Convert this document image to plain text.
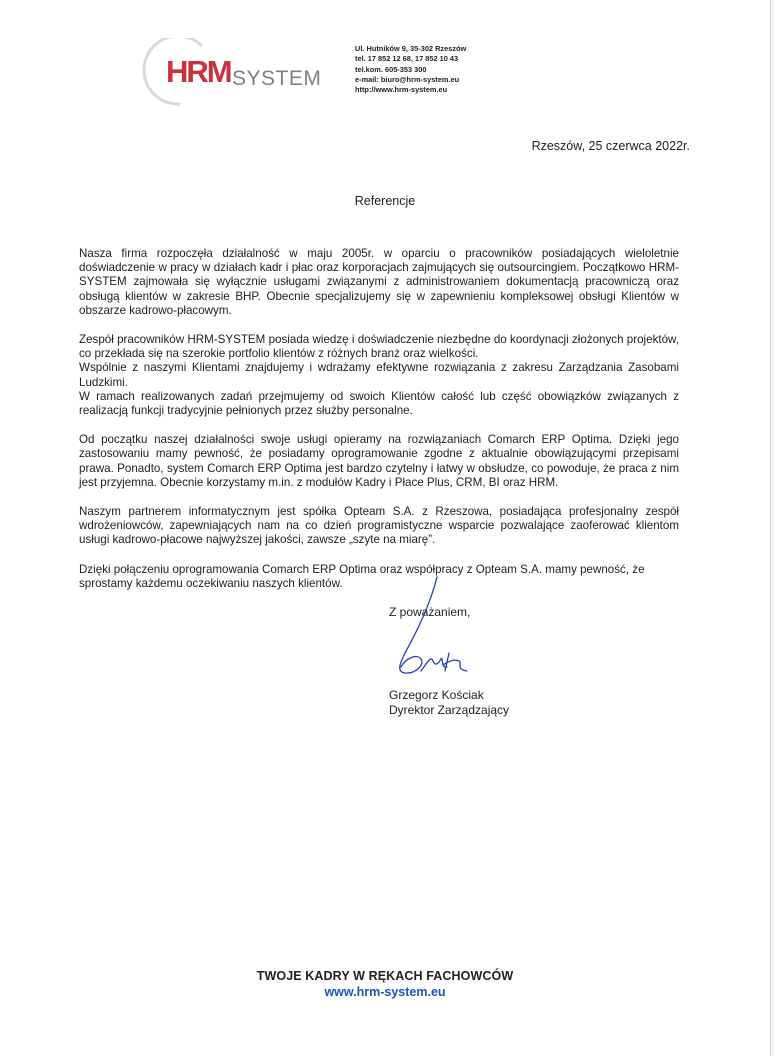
HRM SYSTEM
Ul. Hutników 9, 35-302 Rzeszów
tel. 17 852 12 68, 17 852 10 43
tel.kom. 605-353 300
e-mail: biuro@hrm-system.eu
http://www.hrm-system.eu
Rzeszów, 25 czerwca 2022r.
Referencje

Nasza firma rozpoczęła działalność w maju 2005r. w oparciu o pracowników posiadających wieloletnie doświadczenie w pracy w działach kadr i płac oraz korporacjach zajmujących się outsourcingiem. Początkowo HRM-SYSTEM zajmowała się wyłącznie usługami związanymi z administrowaniem dokumentacją pracowniczą oraz obsługą klientów w zakresie BHP. Obecnie specjalizujemy się w zapewnieniu kompleksowej obsługi Klientów w obszarze kadrowo-płacowym.

Zespół pracowników HRM-SYSTEM posiada wiedzę i doświadczenie niezbędne do koordynacji złożonych projektów, co przekłada się na szerokie portfolio klientów z różnych branż oraz wielkości.
Wspólnie z naszymi Klientami znajdujemy i wdrażamy efektywne rozwiązania z zakresu Zarządzania Zasobami Ludzkimi.

W ramach realizowanych zadań przejmujemy od swoich Klientów całość lub część obowiązków związanych z realizacją funkcji tradycyjnie pełnionych przez służby personalne.

Od początku naszej działalności swoje usługi opieramy na rozwiązaniach Comarch ERP Optima. Dzięki jego zastosowaniu mamy pewność, że posiadamy oprogramowanie zgodne z aktualnie obowiązującymi przepisami prawa. Ponadto, system Comarch ERP Optima jest bardzo czytelny i łatwy w obsłudze, co powoduje, że praca z nim jest przyjemna. Obecnie korzystamy m.in. z modułów Kadry i Płace Plus, CRM, BI oraz HRM.

Naszym partnerem informatycznym jest spółka Opteam S.A. z Rzeszowa, posiadająca profesjonalny zespół wdrożeniowców, zapewniających nam na co dzień programistyczne wsparcie pozwalające zaoferować klientom usługi kadrowo-płacowe najwyższej jakości, zawsze „szyte na miarę”.

Dzięki połączeniu oprogramowania Comarch ERP Optima oraz współpracy z Opteam S.A. mamy pewność, że sprostamy każdemu oczekiwaniu naszych klientów.

Z poważaniem,
Grzegorz Kościak
Dyrektor Zarządzający
TWOJE KADRY W RĘKACH FACHOWCÓW
www.hrm-system.eu
